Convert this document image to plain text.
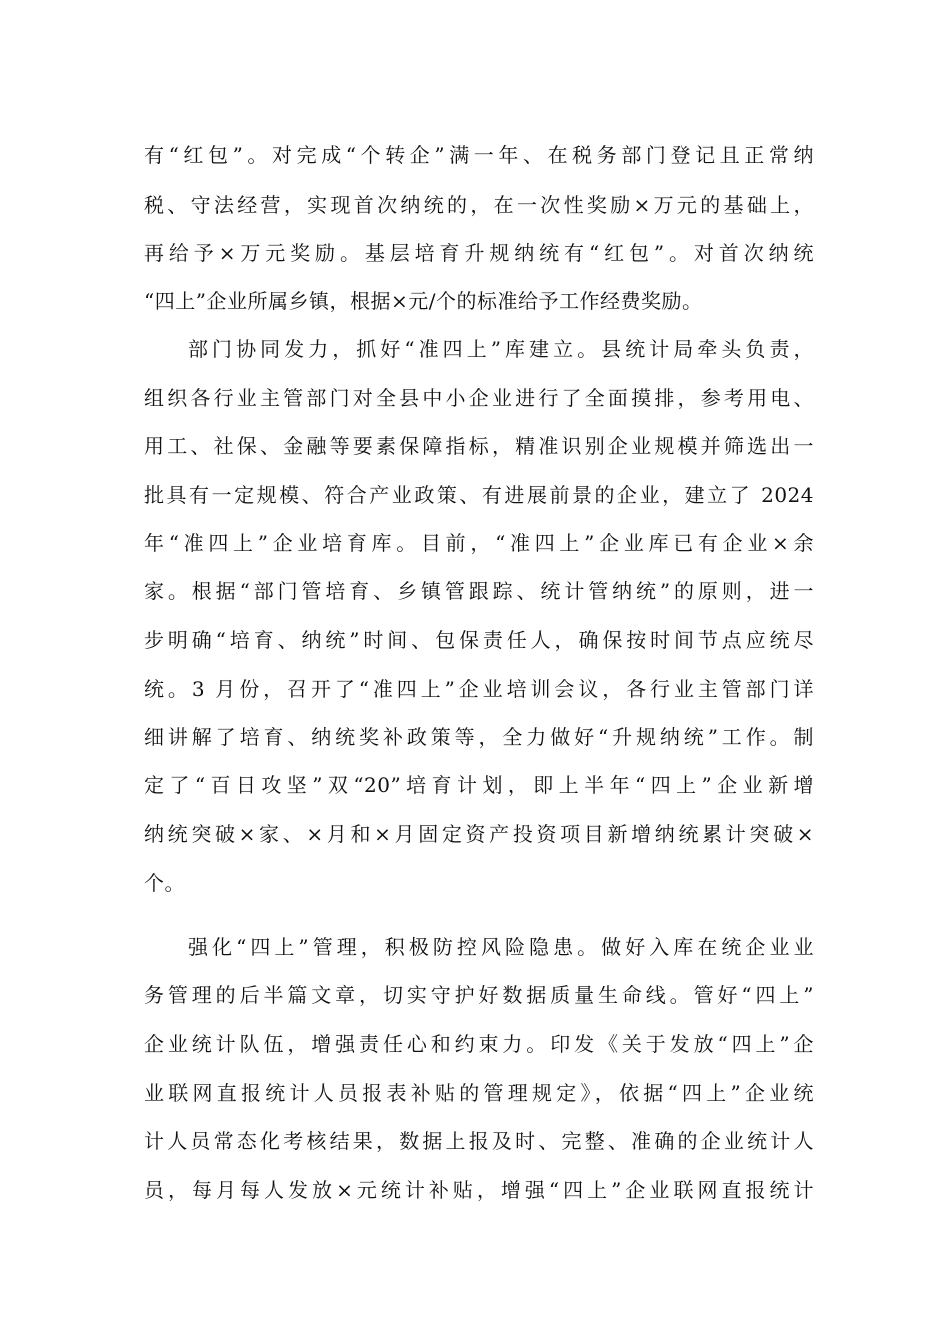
有“红包”。对完成“个转企”满一年、在税务部门登记且正常纳
税、守法经营，实现首次纳统的，在一次性奖励×万元的基础上，
再给予×万元奖励。基层培育升规纳统有“红包”。对首次纳统
“四上”企业所属乡镇，根据×元/个的标准给予工作经费奖励。
部门协同发力，抓好“准四上”库建立。县统计局牵头负责，
组织各行业主管部门对全县中小企业进行了全面摸排，参考用电、
用工、社保、金融等要素保障指标，精准识别企业规模并筛选出一
批具有一定规模、符合产业政策、有进展前景的企业，建立了 2024
年“准四上”企业培育库。目前，“准四上”企业库已有企业×余
家。根据“部门管培育、乡镇管跟踪、统计管纳统”的原则，进一
步明确“培育、纳统”时间、包保责任人，确保按时间节点应统尽
统。3 月份，召开了“准四上”企业培训会议，各行业主管部门详
细讲解了培育、纳统奖补政策等，全力做好“升规纳统”工作。制
定了“百日攻坚”双“20”培育计划，即上半年“四上”企业新增
纳统突破×家、×月和×月固定资产投资项目新增纳统累计突破×
个。
强化“四上”管理，积极防控风险隐患。做好入库在统企业业
务管理的后半篇文章，切实守护好数据质量生命线。管好“四上”
企业统计队伍，增强责任心和约束力。印发《关于发放“四上”企
业联网直报统计人员报表补贴的管理规定》，依据“四上”企业统
计人员常态化考核结果，数据上报及时、完整、准确的企业统计人
员，每月每人发放×元统计补贴，增强“四上”企业联网直报统计
